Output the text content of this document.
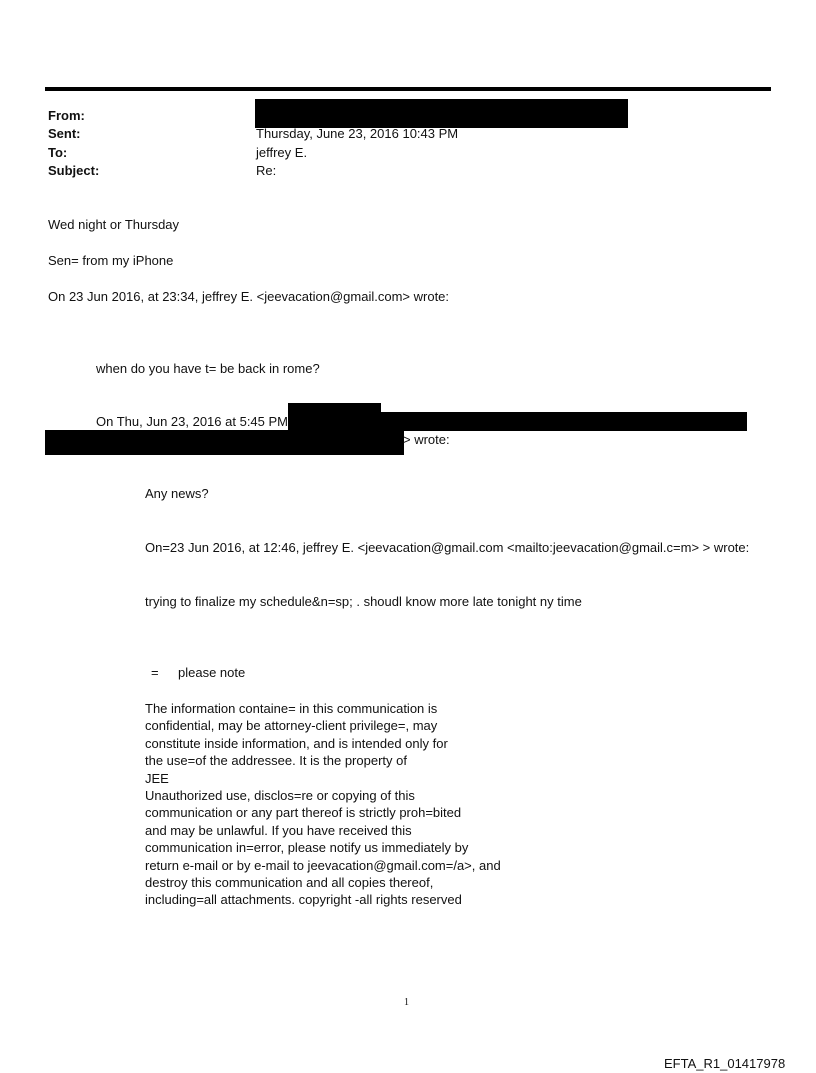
From:
Sent:
To:
Subject:
Thursday, June 23, 2016 10:43 PM
jeffrey E.
Re:
Wed night or Thursday
Sen= from my iPhone
On 23 Jun 2016, at 23:34, jeffrey E. <jeevacation@gmail.com> wrote:
when do you have t= be back in rome?
On Thu, Jun 23, 2016 at 5:45 PM
> wrote:
Any news?
On=23 Jun 2016, at 12:46, jeffrey E. <jeevacation@gmail.com <mailto:jeevacation@gmail.c=m> > wrote:
trying to finalize my schedule&n=sp; . shoudl know more late tonight ny time
= please note
The information containe= in this communication is
confidential, may be attorney-client privilege=, may
constitute inside information, and is intended only for
the use=of the addressee. It is the property of
JEE
Unauthorized use, disclos=re or copying of this
communication or any part thereof is strictly proh=bited
and may be unlawful. If you have received this
communication in=error, please notify us immediately by
return e-mail or by e-mail to jeevacation@gmail.com=/a>, and
destroy this communication and all copies thereof,
including=all attachments. copyright -all rights reserved
1
EFTA_R1_01417978
